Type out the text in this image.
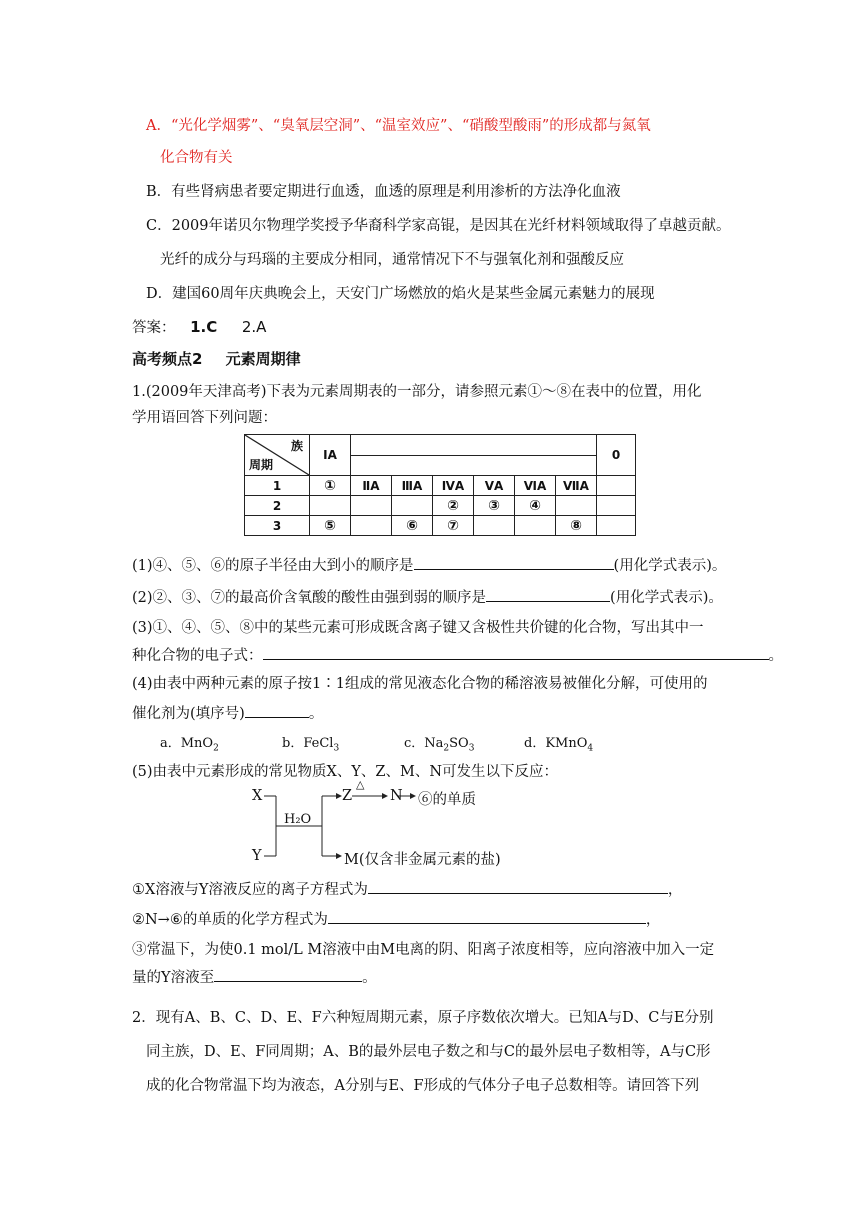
A．“光化学烟雾”、“臭氧层空洞”、“温室效应”、“硝酸型酸雨”的形成都与氮氧
化合物有关
B．有些肾病患者要定期进行血透，血透的原理是利用渗析的方法净化血液
C．2009年诺贝尔物理学奖授予华裔科学家高锟，是因其在光纤材料领域取得了卓越贡献。
光纤的成分与玛瑙的主要成分相同，通常情况下不与强氧化剂和强酸反应
D．建国60周年庆典晚会上，天安门广场燃放的焰火是某些金属元素魅力的展现
答案： 1.C 2.A
高考频点2 元素周期律
1.(2009年天津高考)下表为元素周期表的一部分，请参照元素①～⑧在表中的位置，用化
学用语回答下列问题：
族
周期	ⅠA							0

1	①	ⅡA	ⅢA	ⅣA	ⅤA	ⅥA	ⅦA	
2				②	③	④		
3	⑤		⑥	⑦			⑧	
(1)④、⑤、⑥的原子半径由大到小的顺序是	(用化学式表示)。
(2)②、③、⑦的最高价含氧酸的酸性由强到弱的顺序是	(用化学式表示)。
(3)①、④、⑤、⑧中的某些元素可形成既含离子键又含极性共价键的化合物，写出其中一
种化合物的电子式：	。
(4)由表中两种元素的原子按1∶1组成的常见液态化合物的稀溶液易被催化分解，可使用的
催化剂为(填序号)	。
a．MnO$_2$	b．FeCl$_3$	c．$Na_2SO_3$	d．KMnO$_4$
(5)由表中元素形成的常见物质X、Y、Z、M、N可发生以下反应：
X
Y
H₂O
Z
△
N ⑥的单质
M(仅含非金属元素的盐)
①X溶液与Y溶液反应的离子方程式为	，
②N→⑥的单质的化学方程式为	，
③常温下，为使0.1 mol/L M溶液中由M电离的阴、阳离子浓度相等，应向溶液中加入一定
量的Y溶液至	。
2．现有A、B、C、D、E、F六种短周期元素，原子序数依次增大。已知A与D、C与E分别
同主族，D、E、F同周期；A、B的最外层电子数之和与C的最外层电子数相等，A与C形
成的化合物常温下均为液态，A分别与E、F形成的气体分子电子总数相等。请回答下列
